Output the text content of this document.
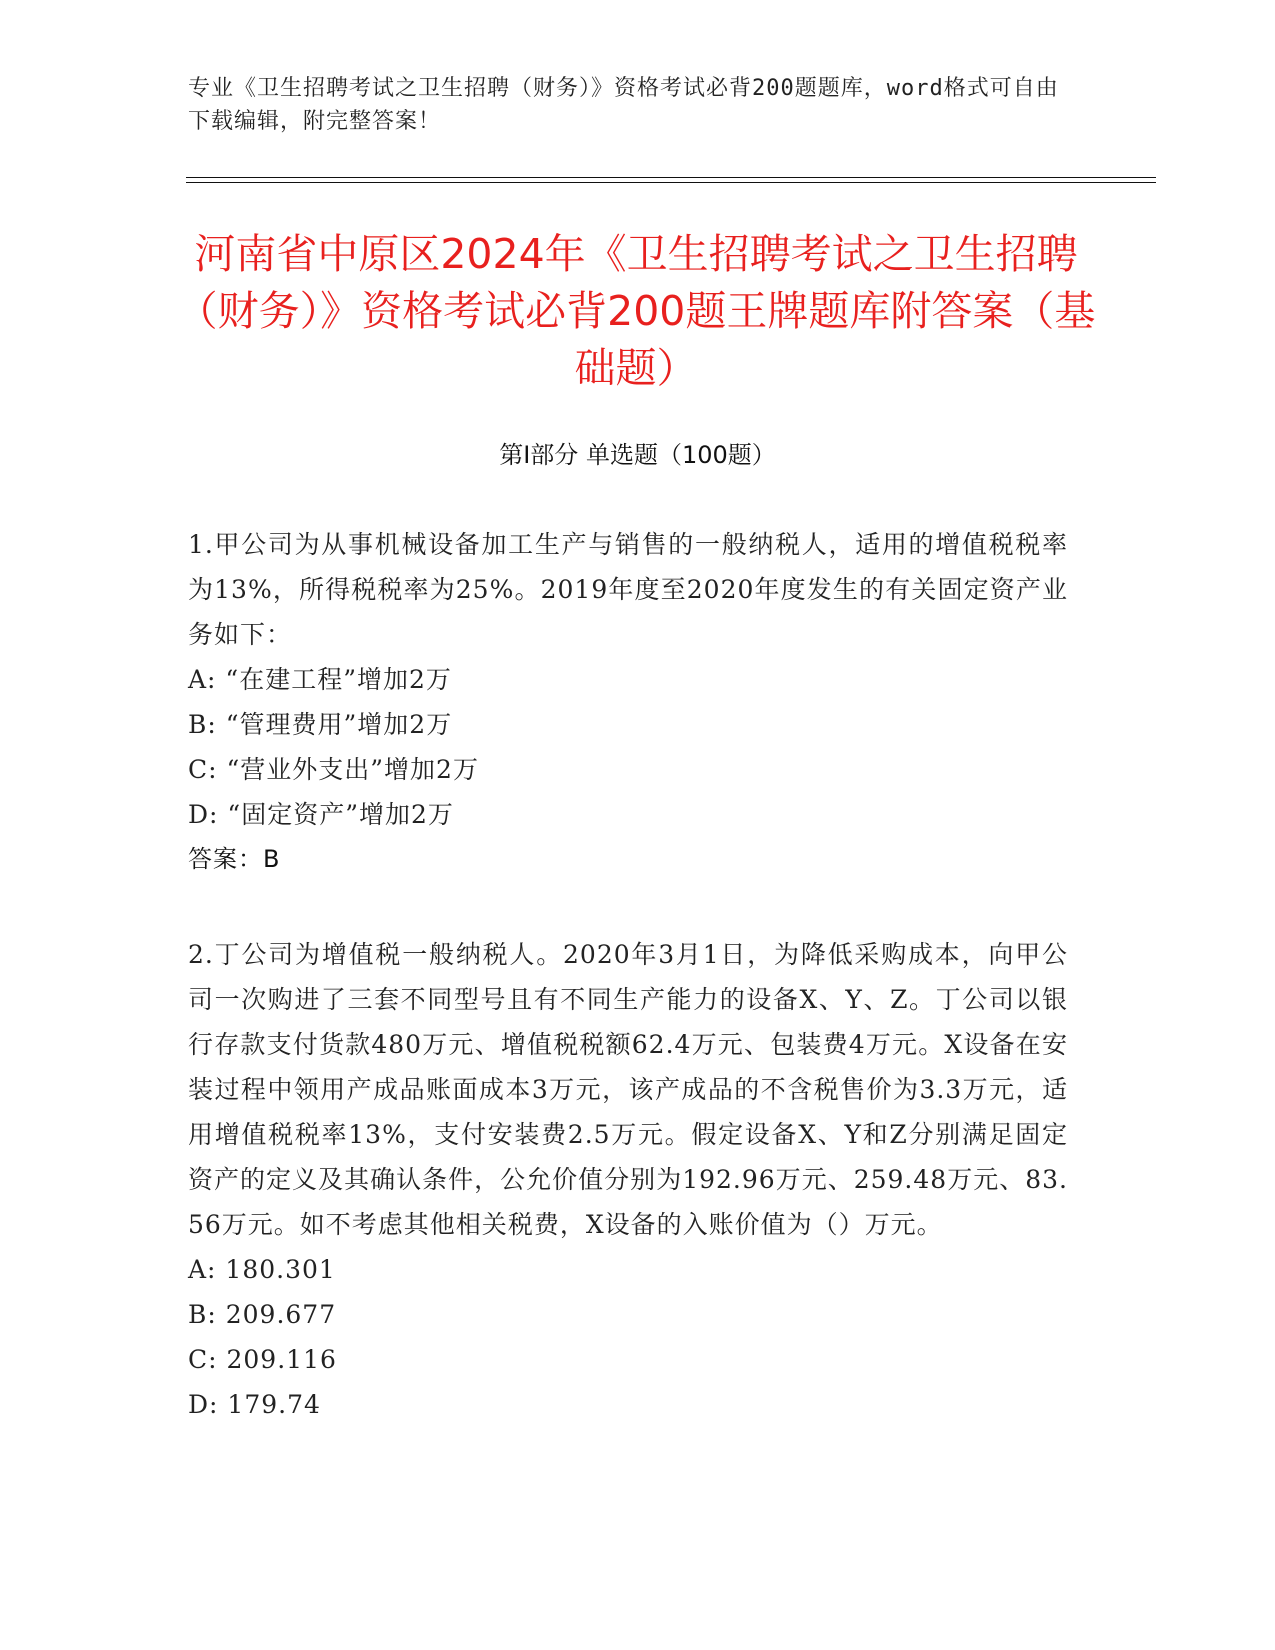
专业《卫生招聘考试之卫生招聘（财务）》资格考试必背200题题库，word格式可自由下载编辑，附完整答案！
河南省中原区2024年《卫生招聘考试之卫生招聘（财务）》资格考试必背200题王牌题库附答案（基础题）
第I部分 单选题（100题）

1.甲公司为从事机械设备加工生产与销售的一般纳税人，适用的增值税税率为13%，所得税税率为25%。2019年度至2020年度发生的有关固定资产业务如下：

A: “在建工程”增加2万

B: “管理费用”增加2万

C: “营业外支出”增加2万

D: “固定资产”增加2万

答案：B

2.丁公司为增值税一般纳税人。2020年3月1日，为降低采购成本，向甲公司一次购进了三套不同型号且有不同生产能力的设备X、Y、Z。丁公司以银行存款支付货款480万元、增值税税额62.4万元、包装费4万元。X设备在安装过程中领用产成品账面成本3万元，该产成品的不含税售价为3.3万元，适用增值税税率13%，支付安装费2.5万元。假定设备X、Y和Z分别满足固定资产的定义及其确认条件，公允价值分别为192.96万元、259.48万元、83.56万元。如不考虑其他相关税费，X设备的入账价值为（）万元。

A: 180.301

B: 209.677

C: 209.116

D: 179.74
